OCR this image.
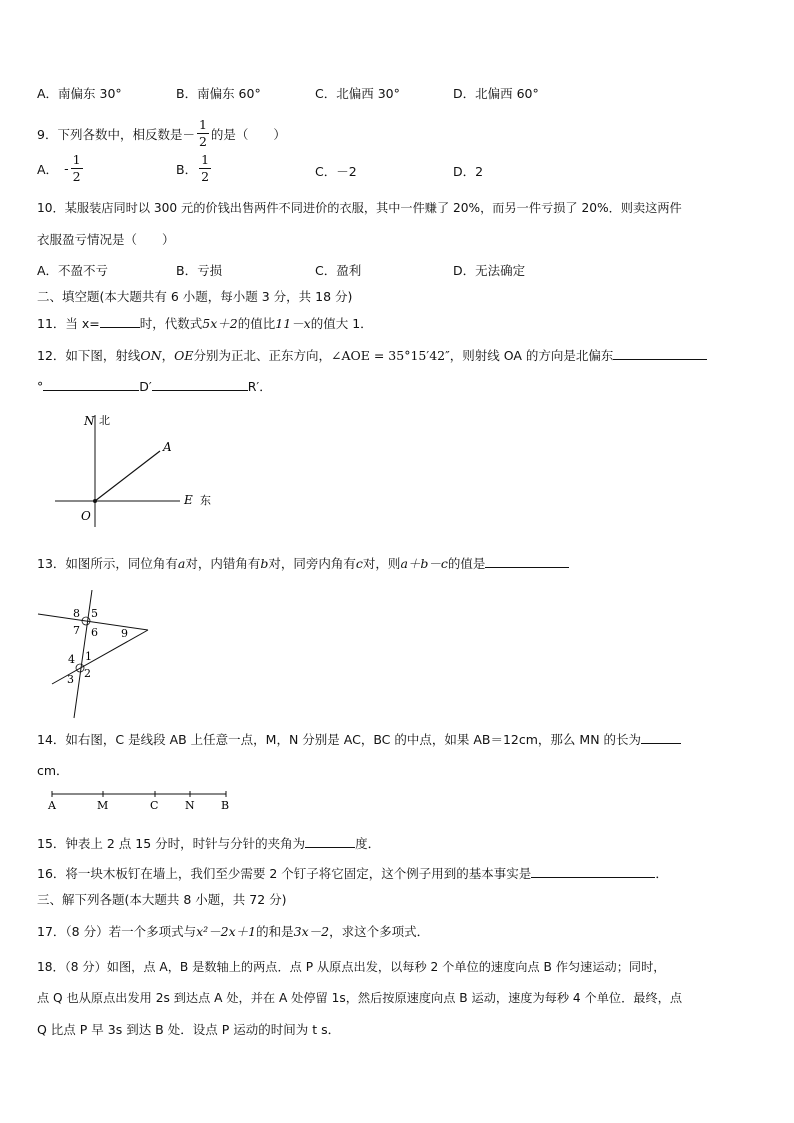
A．南偏东 30°	B．南偏东 60°	C．北偏西 30°	D．北偏西 60°
9．下列各数中，相反数是－ $\frac{1}{2}$ 的是（　　）
A． - $\frac{1}{2}$	B． $\frac{1}{2}$	C．－2	D．2
10．某服装店同时以 300 元的价钱出售两件不同进价的衣服，其中一件赚了 20%，而另一件亏损了 20%．则卖这两件
衣服盈亏情况是（　　）
A．不盈不亏	B．亏损	C．盈利	D．无法确定
二、填空题(本大题共有 6 小题，每小题 3 分，共 18 分)
11．当 x=	时，代数式5x＋2的值比11－x的值大 1．
12．如下图，射线ON，OE分别为正北、正东方向，∠AOE = 35°15′42″，则射线 OA 的方向是北偏东
°	D′	R′．
N 北
A
E 东
O
13．如图所示，同位角有a对，内错角有b对，同旁内角有c对，则a＋b－c的值是
8 5
7 6 9
4 1
3 2
14．如右图，C 是线段 AB 上任意一点，M，N 分别是 AC，BC 的中点，如果 AB＝12cm，那么 MN 的长为
cm．
A	M	C N B
15．钟表上 2 点 15 分时，时针与分针的夹角为	度．
16．将一块木板钉在墙上，我们至少需要 2 个钉子将它固定，这个例子用到的基本事实是	．
三、解下列各题(本大题共 8 小题，共 72 分)
17．（8 分）若一个多项式与x²－2x＋1的和是3x－2，求这个多项式．
18．（8 分）如图，点 A，B 是数轴上的两点．点 P 从原点出发，以每秒 2 个单位的速度向点 B 作匀速运动；同时，
点 Q 也从原点出发用 2s 到达点 A 处，并在 A 处停留 1s，然后按原速度向点 B 运动，速度为每秒 4 个单位．最终，点
Q 比点 P 早 3s 到达 B 处．设点 P 运动的时间为 t s．
